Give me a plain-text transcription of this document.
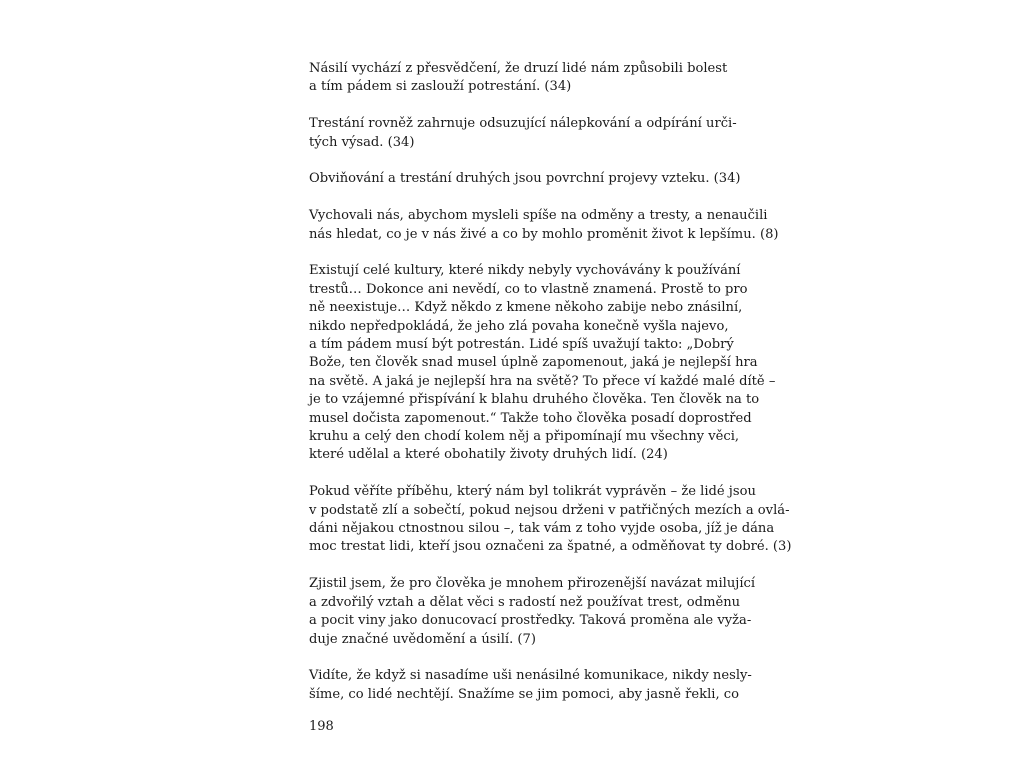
Násilí vychází z přesvědčení, že druzí lidé nám způsobili bolest
a tím pádem si zaslouží potrestání. (34)

Trestání rovněž zahrnuje odsuzující nálepkování a odpírání urči-
tých výsad. (34)

Obviňování a trestání druhých jsou povrchní projevy vzteku. (34)

Vychovali nás, abychom mysleli spíše na odměny a tresty, a nenaučili
nás hledat, co je v nás živé a co by mohlo proměnit život k lepšímu. (8)

Existují celé kultury, které nikdy nebyly vychovávány k používání
trestů… Dokonce ani nevědí, co to vlastně znamená. Prostě to pro
ně neexistuje… Když někdo z kmene někoho zabije nebo znásilní,
nikdo nepředpokládá, že jeho zlá povaha konečně vyšla najevo,
a tím pádem musí být potrestán. Lidé spíš uvažují takto: „Dobrý
Bože, ten člověk snad musel úplně zapomenout, jaká je nejlepší hra
na světě. A jaká je nejlepší hra na světě? To přece ví každé malé dítě –
je to vzájemné přispívání k blahu druhého člověka. Ten člověk na to
musel dočista zapomenout.“ Takže toho člověka posadí doprostřed
kruhu a celý den chodí kolem něj a připomínají mu všechny věci,
které udělal a které obohatily životy druhých lidí. (24)

Pokud věříte příběhu, který nám byl tolikrát vyprávěn – že lidé jsou
v podstatě zlí a sobečtí, pokud nejsou drženi v patřičných mezích a ovlá-
dáni nějakou ctnostnou silou –, tak vám z toho vyjde osoba, jíž je dána
moc trestat lidi, kteří jsou označeni za špatné, a odměňovat ty dobré. (3)

Zjistil jsem, že pro člověka je mnohem přirozenější navázat milující
a zdvořilý vztah a dělat věci s radostí než používat trest, odměnu
a pocit viny jako donucovací prostředky. Taková proměna ale vyža-
duje značné uvědomění a úsilí. (7)

Vidíte, že když si nasadíme uši nenásilné komunikace, nikdy nesly-
šíme, co lidé nechtějí. Snažíme se jim pomoci, aby jasně řekli, co

198
